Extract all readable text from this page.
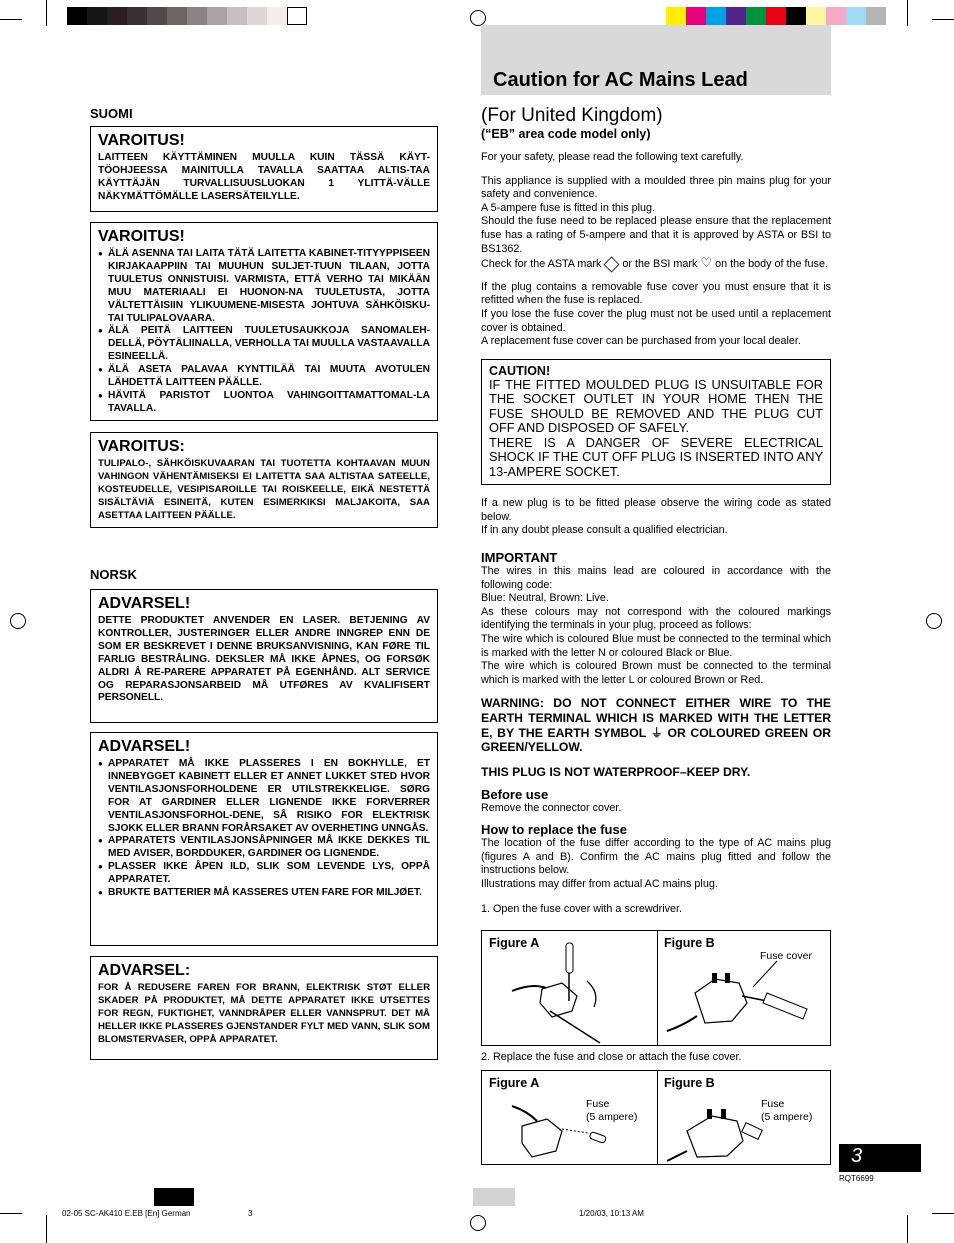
Caution for AC Mains Lead
SUOMI
VAROITUS!

LAITTEEN KÄYTTÄMINEN MUULLA KUIN TÄSSÄ KÄYT-TÖOHJEESSA MAINITULLA TAVALLA SAATTAA ALTIS-TAA KÄYTTÄJÄN TURVALLISUUSLUOKAN 1 YLITTÄ-VÄLLE NÄKYMÄTTÖMÄLLE LASERSÄTEILYLLE.

VAROITUS!

● ÄLÄ ASENNA TAI LAITA TÄTÄ LAITETTA KABINET-TITYYPPISEEN KIRJAKAAPPIIN TAI MUUHUN SULJET-TUUN TILAAN, JOTTA TUULETUS ONNISTUISI. VARMISTA, ETTÄ VERHO TAI MIKÄÄN MUU MATERIAALI EI HUONON-NA TUULETUSTA, JOTTA VÄLTETTÄISIIN YLIKUUMENE-MISESTA JOHTUVA SÄHKÖISKU- TAI TULIPALOVAARA.

● ÄLÄ PEITÄ LAITTEEN TUULETUSAUKKOJA SANOMALEH-DELLÄ, PÖYTÄLIINALLA, VERHOLLA TAI MUULLA VASTAAVALLA ESINEELLÄ.

● ÄLÄ ASETA PALAVAA KYNTTILÄÄ TAI MUUTA AVOTULEN LÄHDETTÄ LAITTEEN PÄÄLLE.

● HÄVITÄ PARISTOT LUONTOA VAHINGOITTAMATTOMAL-LA TAVALLA.

VAROITUS:

TULIPALO-, SÄHKÖISKUVAARAN TAI TUOTETTA KOHTAAVAN MUUN VAHINGON VÄHENTÄMISEKSI EI LAITETTA SAA ALTISTAA SATEELLE, KOSTEUDELLE, VESIPISAROILLE TAI ROISKEELLE, EIKÄ NESTETTÄ SISÄLTÄVIÄ ESINEITÄ, KUTEN ESIMERKIKSI MALJAKOITA, SAA ASETTAA LAITTEEN PÄÄLLE.

NORSK
ADVARSEL!

DETTE PRODUKTET ANVENDER EN LASER. BETJENING AV KONTROLLER, JUSTERINGER ELLER ANDRE INNGREP ENN DE SOM ER BESKREVET I DENNE BRUKSANVISNING, KAN FØRE TIL FARLIG BESTRÅLING. DEKSLER MÅ IKKE ÅPNES, OG FORSØK ALDRI Å RE-PARERE APPARATET PÅ EGENHÅND. ALT SERVICE OG REPARASJONSARBEID MÅ UTFØRES AV KVALIFISERT PERSONELL.

ADVARSEL!

● APPARATET MÅ IKKE PLASSERES I EN BOKHYLLE, ET INNEBYGGET KABINETT ELLER ET ANNET LUKKET STED HVOR VENTILASJONSFORHOLDENE ER UTILSTREKKELIGE. SØRG FOR AT GARDINER ELLER LIGNENDE IKKE FORVERRER VENTILASJONSFORHOL-DENE, SÅ RISIKO FOR ELEKTRISK SJOKK ELLER BRANN FORÅRSAKET AV OVERHETING UNNGÅS.

● APPARATETS VENTILASJONSÅPNINGER MÅ IKKE DEKKES TIL MED AVISER, BORDDUKER, GARDINER OG LIGNENDE.

● PLASSER IKKE ÅPEN ILD, SLIK SOM LEVENDE LYS, OPPÅ APPARATET.

● BRUKTE BATTERIER MÅ KASSERES UTEN FARE FOR MILJØET.

ADVARSEL:

FOR Å REDUSERE FAREN FOR BRANN, ELEKTRISK STØT ELLER SKADER PÅ PRODUKTET, MÅ DETTE APPARATET IKKE UTSETTES FOR REGN, FUKTIGHET, VANNDRÅPER ELLER VANNSPRUT. DET MÅ HELLER IKKE PLASSERES GJENSTANDER FYLT MED VANN, SLIK SOM BLOMSTERVASER, OPPÅ APPARATET.

(For United Kingdom)
(“EB” area code model only)

For your safety, please read the following text carefully.

This appliance is supplied with a moulded three pin mains plug for your safety and convenience.

A 5-ampere fuse is fitted in this plug.

Should the fuse need to be replaced please ensure that the replacement fuse has a rating of 5-ampere and that it is approved by ASTA or BSI to BS1362.

Check for the ASTA mark or the BSI mark ♡ on the body of the fuse.

If the plug contains a removable fuse cover you must ensure that it is refitted when the fuse is replaced.

If you lose the fuse cover the plug must not be used until a replacement cover is obtained.

A replacement fuse cover can be purchased from your local dealer.

CAUTION!

IF THE FITTED MOULDED PLUG IS UNSUITABLE FOR THE SOCKET OUTLET IN YOUR HOME THEN THE FUSE SHOULD BE REMOVED AND THE PLUG CUT OFF AND DISPOSED OF SAFELY.

THERE IS A DANGER OF SEVERE ELECTRICAL SHOCK IF THE CUT OFF PLUG IS INSERTED INTO ANY 13-AMPERE SOCKET.

If a new plug is to be fitted please observe the wiring code as stated below.

If in any doubt please consult a qualified electrician.

IMPORTANT

The wires in this mains lead are coloured in accordance with the following code:

Blue: Neutral, Brown: Live.

As these colours may not correspond with the coloured markings identifying the terminals in your plug, proceed as follows:

The wire which is coloured Blue must be connected to the terminal which is marked with the letter N or coloured Black or Blue.

The wire which is coloured Brown must be connected to the terminal which is marked with the letter L or coloured Brown or Red.

WARNING: DO NOT CONNECT EITHER WIRE TO THE EARTH TERMINAL WHICH IS MARKED WITH THE LETTER E, BY THE EARTH SYMBOL ⏚ OR COLOURED GREEN OR GREEN/YELLOW.

THIS PLUG IS NOT WATERPROOF–KEEP DRY.

Before use

Remove the connector cover.

How to replace the fuse

The location of the fuse differ according to the type of AC mains plug (figures A and B). Confirm the AC mains plug fitted and follow the instructions below.

Illustrations may differ from actual AC mains plug.

1. Open the fuse cover with a screwdriver.

Figure A	Figure B
Fuse cover
2. Replace the fuse and close or attach the fuse cover.
Figure A
Fuse
(5 ampere)
Figure B
Fuse
(5 ampere)
3
RQT6699
02-05 SC-AK410 E.EB [En] German	3	1/20/03, 10:13 AM
